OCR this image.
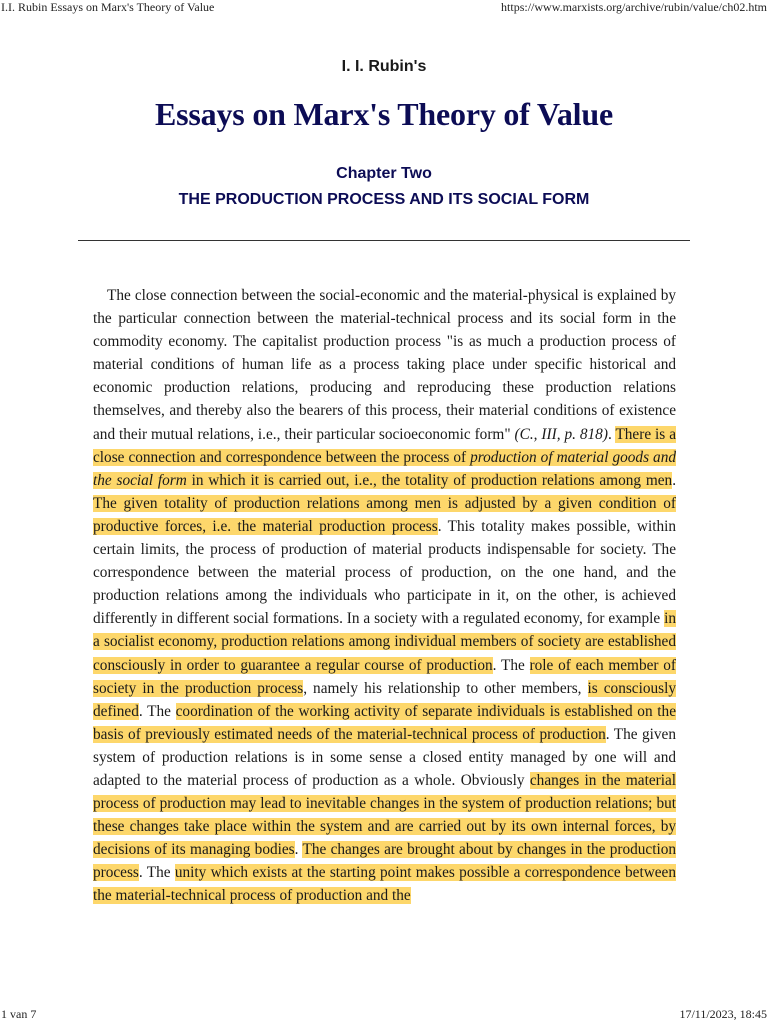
I.I. Rubin Essays on Marx's Theory of Value	https://www.marxists.org/archive/rubin/value/ch02.htm
I. I. Rubin's
Essays on Marx's Theory of Value
Chapter Two
THE PRODUCTION PROCESS AND ITS SOCIAL FORM

The close connection between the social-economic and the material-physical is explained by the particular connection between the material-technical process and its social form in the commodity economy. The capitalist production process "is as much a production process of material conditions of human life as a process taking place under specific historical and economic production relations, producing and reproducing these production relations themselves, and thereby also the bearers of this process, their material conditions of existence and their mutual relations, i.e., their particular socioeconomic form" (C., III, p. 818). There is a close connection and correspondence between the process of production of material goods and the social form in which it is carried out, i.e., the totality of production relations among men. The given totality of production relations among men is adjusted by a given condition of productive forces, i.e. the material production process. This totality makes possible, within certain limits, the process of production of material products indispensable for society. The correspondence between the material process of production, on the one hand, and the production relations among the individuals who participate in it, on the other, is achieved differently in different social formations. In a society with a regulated economy, for example in a socialist economy, production relations among individual members of society are established consciously in order to guarantee a regular course of production. The role of each member of society in the production process, namely his relationship to other members, is consciously defined. The coordination of the working activity of separate individuals is established on the basis of previously estimated needs of the material-technical process of production. The given system of production relations is in some sense a closed entity managed by one will and adapted to the material process of production as a whole. Obviously changes in the material process of production may lead to inevitable changes in the system of production relations; but these changes take place within the system and are carried out by its own internal forces, by decisions of its managing bodies. The changes are brought about by changes in the production process. The unity which exists at the starting point makes possible a correspondence between the material-technical process of production and the

1 van 7	17/11/2023, 18:45
